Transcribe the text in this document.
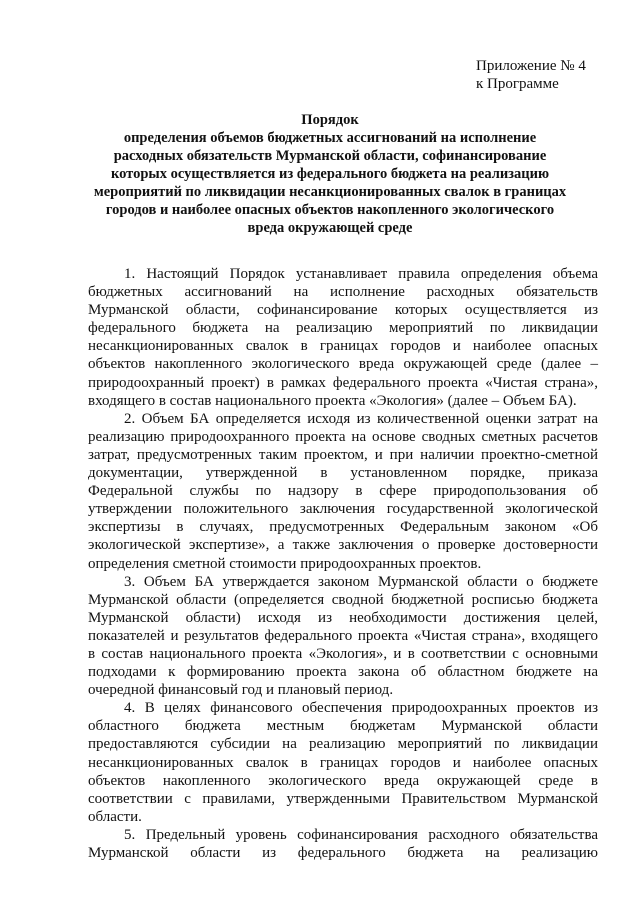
Приложение № 4
к Программе
Порядок
определения объемов бюджетных ассигнований на исполнение
расходных обязательств Мурманской области, софинансирование
которых осуществляется из федерального бюджета на реализацию
мероприятий по ликвидации несанкционированных свалок в границах
городов и наиболее опасных объектов накопленного экологического
вреда окружающей среде
1. Настоящий Порядок устанавливает правила определения объема
бюджетных ассигнований на исполнение расходных обязательств
Мурманской области, софинансирование которых осуществляется из
федерального бюджета на реализацию мероприятий по ликвидации
несанкционированных свалок в границах городов и наиболее опасных
объектов накопленного экологического вреда окружающей среде (далее –
природоохранный проект) в рамках федерального проекта «Чистая страна»,
входящего в состав национального проекта «Экология» (далее – Объем БА).
2. Объем БА определяется исходя из количественной оценки затрат на
реализацию природоохранного проекта на основе сводных сметных расчетов
затрат, предусмотренных таким проектом, и при наличии проектно-сметной
документации, утвержденной в установленном порядке, приказа
Федеральной службы по надзору в сфере природопользования об
утверждении положительного заключения государственной экологической
экспертизы в случаях, предусмотренных Федеральным законом «Об
экологической экспертизе», а также заключения о проверке достоверности
определения сметной стоимости природоохранных проектов.
3. Объем БА утверждается законом Мурманской области о бюджете
Мурманской области (определяется сводной бюджетной росписью бюджета
Мурманской области) исходя из необходимости достижения целей,
показателей и результатов федерального проекта «Чистая страна», входящего
в состав национального проекта «Экология», и в соответствии с основными
подходами к формированию проекта закона об областном бюджете на
очередной финансовый год и плановый период.
4. В целях финансового обеспечения природоохранных проектов из
областного бюджета местным бюджетам Мурманской области
предоставляются субсидии на реализацию мероприятий по ликвидации
несанкционированных свалок в границах городов и наиболее опасных
объектов накопленного экологического вреда окружающей среде в
соответствии с правилами, утвержденными Правительством Мурманской
области.
5. Предельный уровень софинансирования расходного обязательства
Мурманской области из федерального бюджета на реализацию
